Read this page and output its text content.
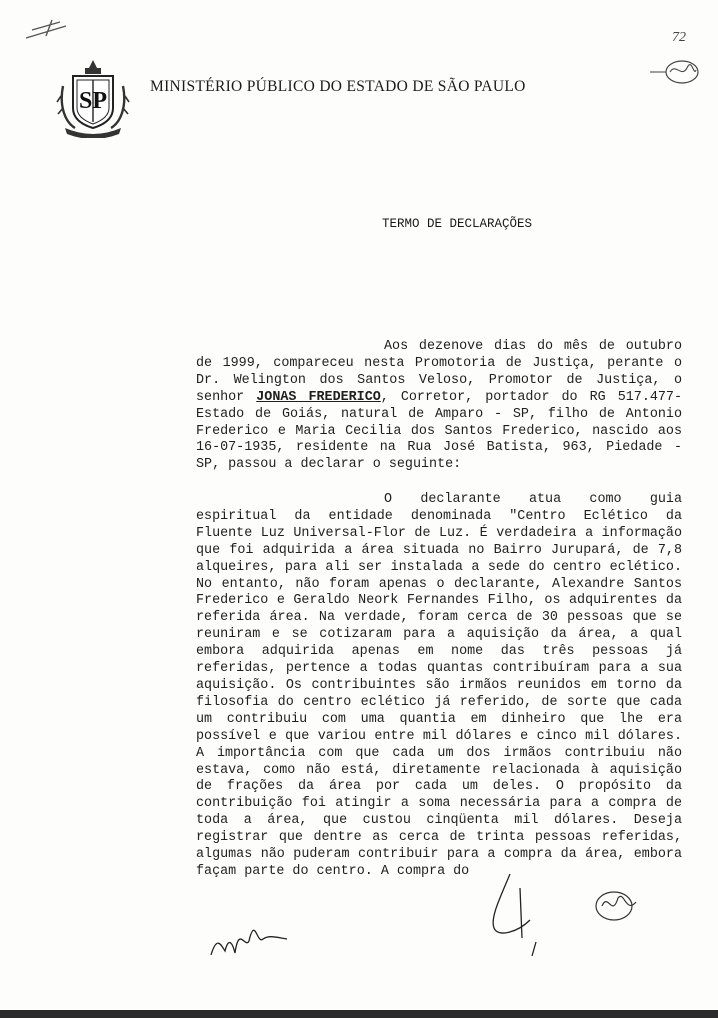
SP
MINISTÉRIO PÚBLICO DO ESTADO DE SÃO PAULO
72
TERMO DE DECLARAÇÕES

Aos dezenove dias do mês de outubro de 1999, compareceu nesta Promotoria de Justiça, perante o Dr. Welington dos Santos Veloso, Promotor de Justiça, o senhor JONAS FREDERICO, Corretor, portador do RG 517.477-Estado de Goiás, natural de Amparo - SP, filho de Antonio Frederico e Maria Cecilia dos Santos Frederico, nascido aos 16-07-1935, residente na Rua José Batista, 963, Piedade - SP, passou a declarar o seguinte:

O declarante atua como guia espiritual da entidade denominada "Centro Eclético da Fluente Luz Universal-Flor de Luz. É verdadeira a informação que foi adquirida a área situada no Bairro Jurupará, de 7,8 alqueires, para ali ser instalada a sede do centro eclético. No entanto, não foram apenas o declarante, Alexandre Santos Frederico e Geraldo Neork Fernandes Filho, os adquirentes da referida área. Na verdade, foram cerca de 30 pessoas que se reuniram e se cotizaram para a aquisição da área, a qual embora adquirida apenas em nome das três pessoas já referidas, pertence a todas quantas contribuíram para a sua aquisição. Os contribuintes são irmãos reunidos em torno da filosofia do centro eclético já referido, de sorte que cada um contribuiu com uma quantia em dinheiro que lhe era possível e que variou entre mil dólares e cinco mil dólares. A importância com que cada um dos irmãos contribuiu não estava, como não está, diretamente relacionada à aquisição de frações da área por cada um deles. O propósito da contribuição foi atingir a soma necessária para a compra de toda a área, que custou cinqüenta mil dólares. Deseja registrar que dentre as cerca de trinta pessoas referidas, algumas não puderam contribuir para a compra da área, embora façam parte do centro. A compra do
